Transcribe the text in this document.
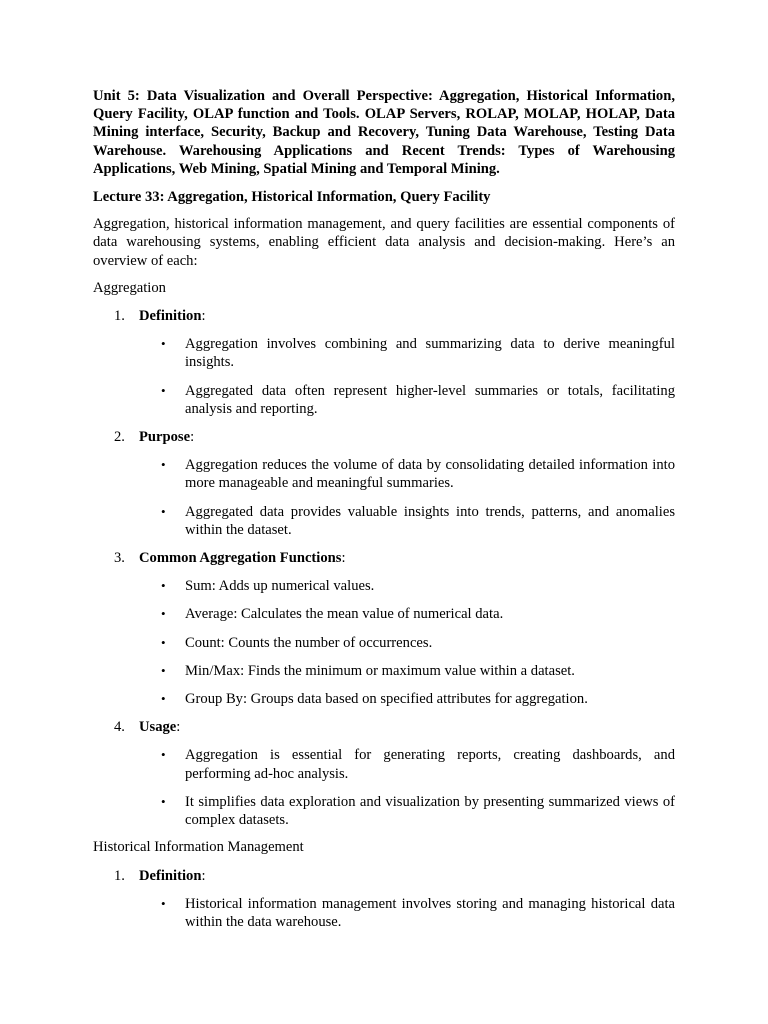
Unit 5: Data Visualization and Overall Perspective: Aggregation, Historical Information, Query Facility, OLAP function and Tools. OLAP Servers, ROLAP, MOLAP, HOLAP, Data Mining interface, Security, Backup and Recovery, Tuning Data Warehouse, Testing Data Warehouse. Warehousing Applications and Recent Trends: Types of Warehousing Applications, Web Mining, Spatial Mining and Temporal Mining.

Lecture 33: Aggregation, Historical Information, Query Facility

Aggregation, historical information management, and query facilities are essential components of data warehousing systems, enabling efficient data analysis and decision-making. Here’s an overview of each:

Aggregation

1. Definition:
• Aggregation involves combining and summarizing data to derive meaningful insights.
• Aggregated data often represent higher-level summaries or totals, facilitating analysis and reporting.
2. Purpose:
• Aggregation reduces the volume of data by consolidating detailed information into more manageable and meaningful summaries.
• Aggregated data provides valuable insights into trends, patterns, and anomalies within the dataset.
3. Common Aggregation Functions:
• Sum: Adds up numerical values.
• Average: Calculates the mean value of numerical data.
• Count: Counts the number of occurrences.
• Min/Max: Finds the minimum or maximum value within a dataset.
• Group By: Groups data based on specified attributes for aggregation.
4. Usage:
• Aggregation is essential for generating reports, creating dashboards, and performing ad-hoc analysis.
• It simplifies data exploration and visualization by presenting summarized views of complex datasets.

Historical Information Management

1. Definition:
• Historical information management involves storing and managing historical data within the data warehouse.
